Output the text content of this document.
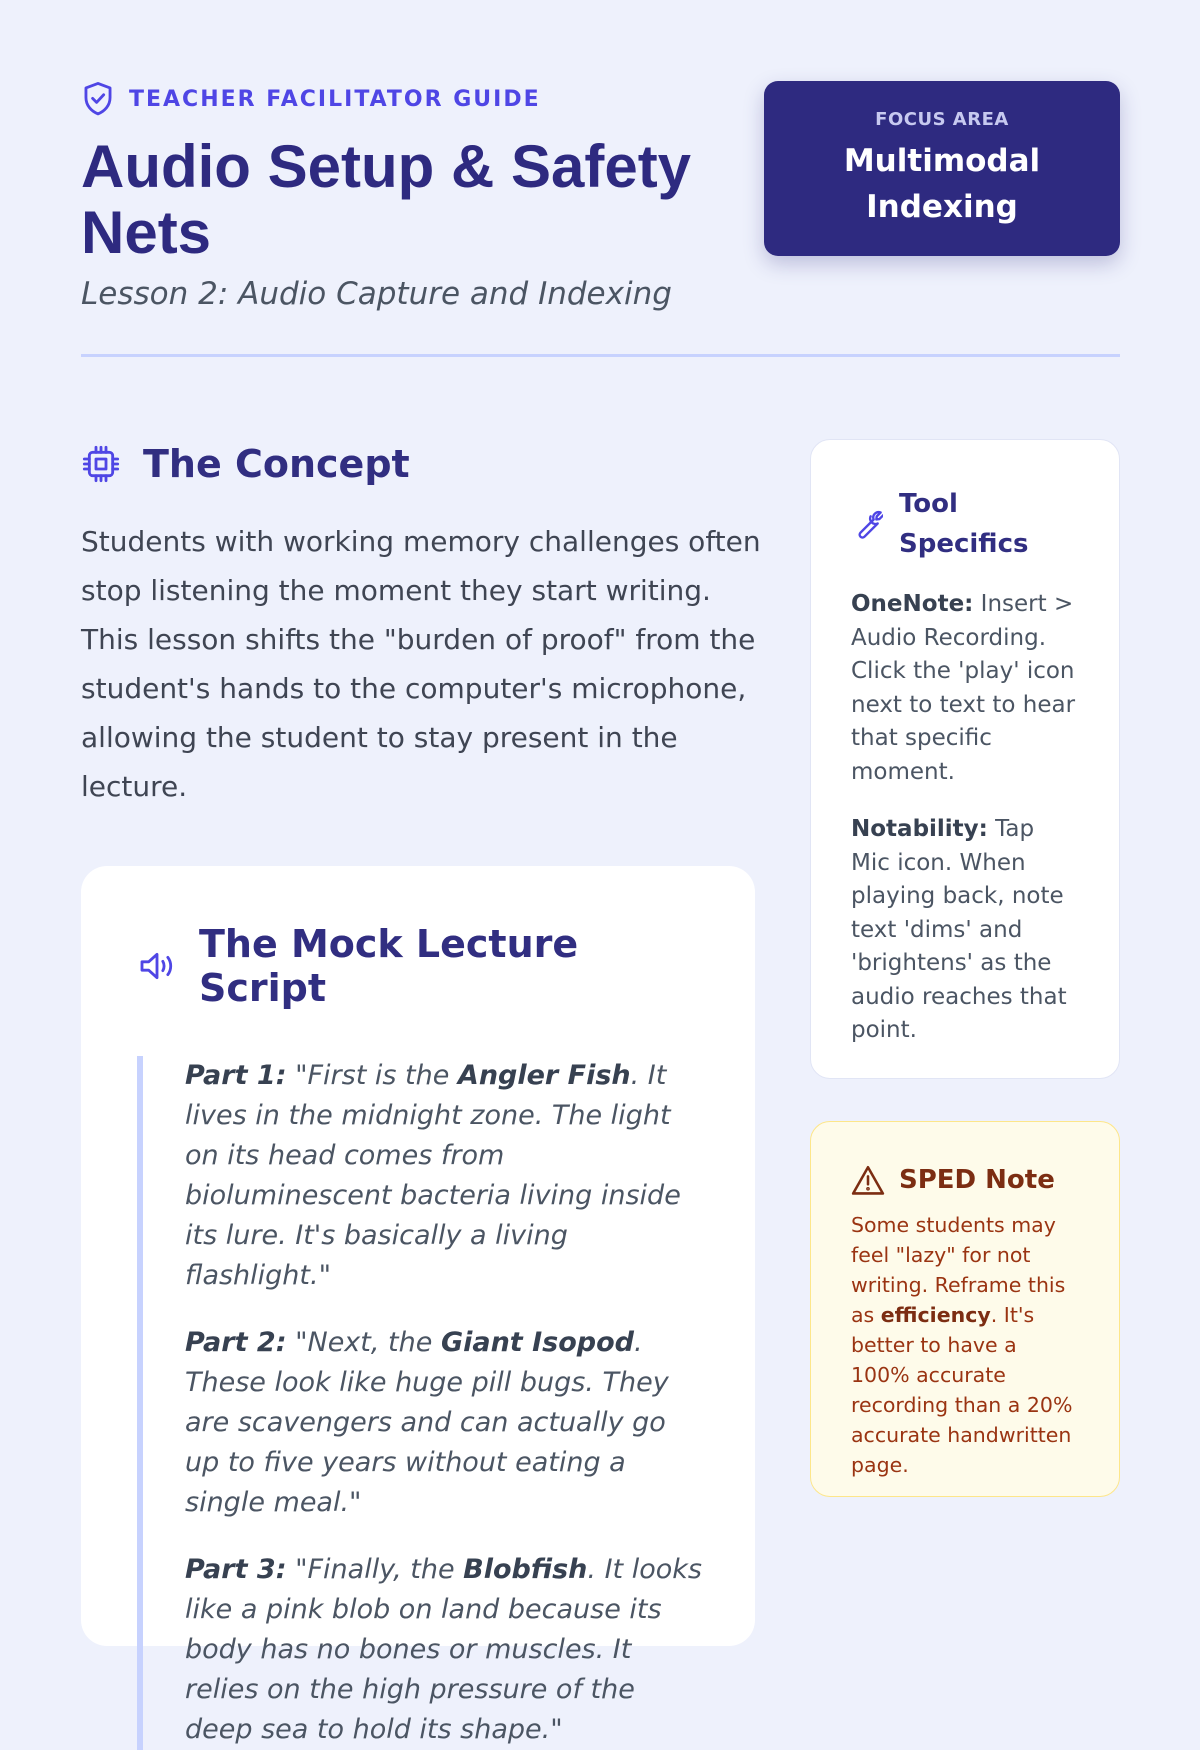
TEACHER FACILITATOR GUIDE
Audio Setup & Safety Nets
Lesson 2: Audio Capture and Indexing
FOCUS AREA
Multimodal Indexing
The Concept
Students with working memory challenges often stop listening the moment they start writing. This lesson shifts the "burden of proof" from the student's hands to the computer's microphone, allowing the student to stay present in the lecture.
The Mock Lecture Script

Part 1: "First is the Angler Fish. It lives in the midnight zone. The light on its head comes from bioluminescent bacteria living inside its lure. It's basically a living flashlight."

Part 2: "Next, the Giant Isopod. These look like huge pill bugs. They are scavengers and can actually go up to five years without eating a single meal."

Part 3: "Finally, the Blobfish. It looks like a pink blob on land because its body has no bones or muscles. It relies on the high pressure of the deep sea to hold its shape."

Tool Specifics

OneNote: Insert > Audio Recording. Click the 'play' icon next to text to hear that specific moment.

Notability: Tap Mic icon. When playing back, note text 'dims' and 'brightens' as the audio reaches that point.

SPED Note

Some students may feel "lazy" for not writing. Reframe this as efficiency. It's better to have a 100% accurate recording than a 20% accurate handwritten page.
